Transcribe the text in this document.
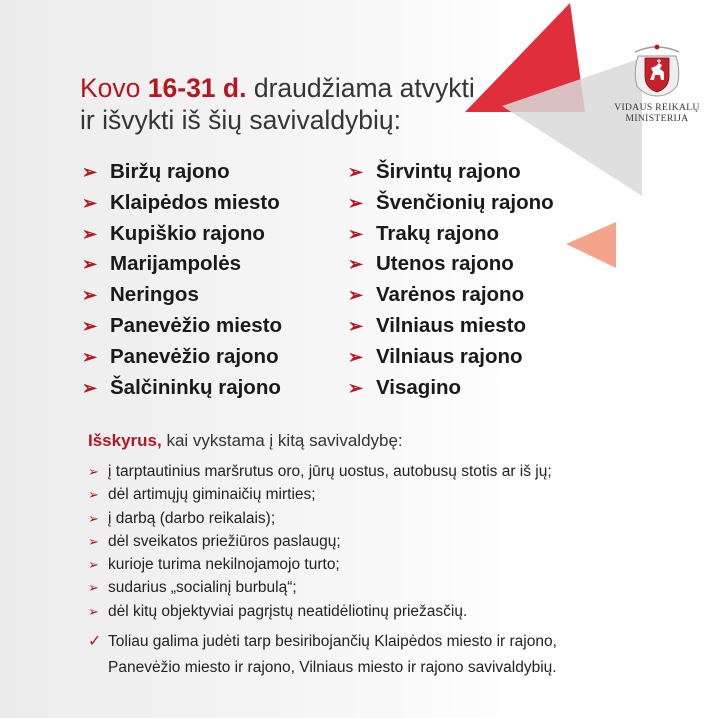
Kovo 16-31 d. draudžiama atvykti
ir išvykti iš šių savivaldybių:
➢ Biržų rajono
➢ Klaipėdos miesto
➢ Kupiškio rajono
➢ Marijampolės
➢ Neringos
➢ Panevėžio miesto
➢ Panevėžio rajono
➢ Šalčininkų rajono
➢ Širvintų rajono
➢ Švenčionių rajono
➢ Trakų rajono
➢ Utenos rajono
➢ Varėnos rajono
➢ Vilniaus miesto
➢ Vilniaus rajono
➢ Visagino
Išskyrus, kai vykstama į kitą savivaldybę:
➢ į tarptautinius maršrutus oro, jūrų uostus, autobusų stotis ar iš jų;
➢ dėl artimųjų giminaičių mirties;
➢ į darbą (darbo reikalais);
➢ dėl sveikatos priežiūros paslaugų;
➢ kurioje turima nekilnojamojo turto;
➢ sudarius „socialinį burbulą“;
➢ dėl kitų objektyviai pagrįstų neatidėliotinų priežasčių.
✓ Toliau galima judėti tarp besiribojančių Klaipėdos miesto ir rajono,
Panevėžio miesto ir rajono, Vilniaus miesto ir rajono savivaldybių.
VIDAUS REIKALŲ
MINISTERIJA
